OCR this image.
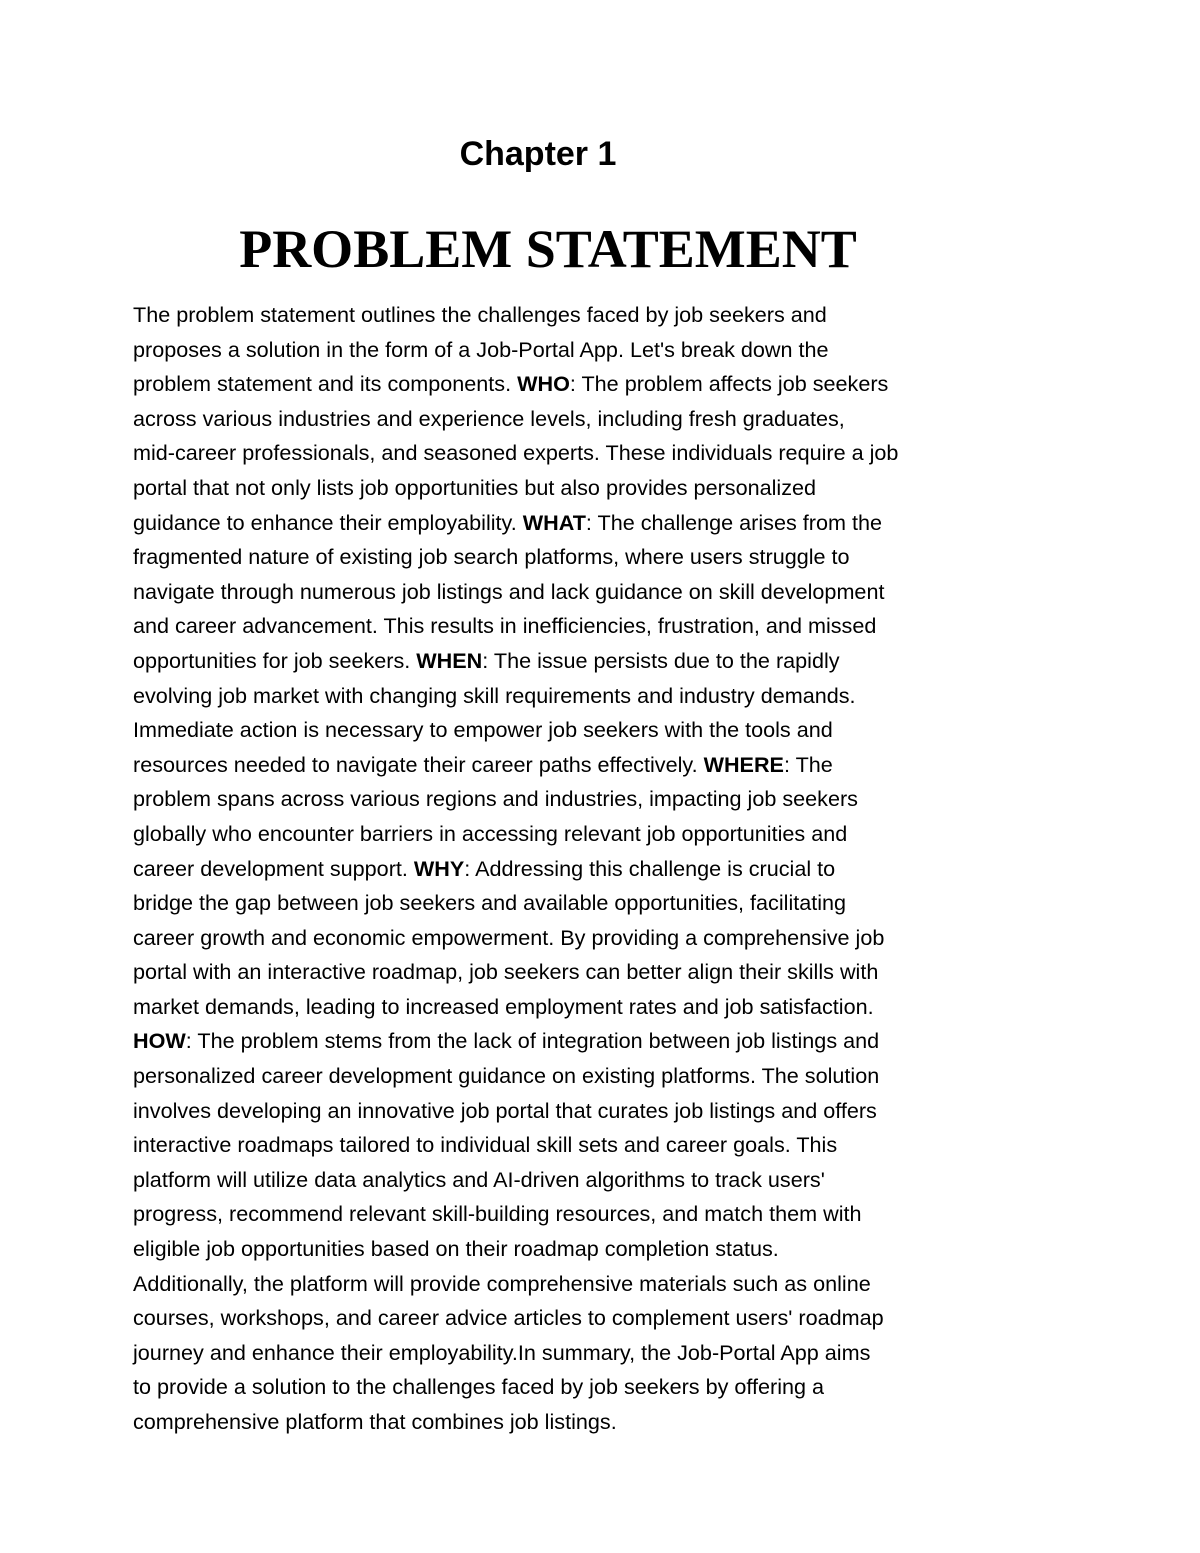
Chapter 1
PROBLEM STATEMENT
The problem statement outlines the challenges faced by job seekers and
proposes a solution in the form of a Job-Portal App. Let's break down the
problem statement and its components. WHO: The problem affects job seekers
across various industries and experience levels, including fresh graduates,
mid-career professionals, and seasoned experts. These individuals require a job
portal that not only lists job opportunities but also provides personalized
guidance to enhance their employability. WHAT: The challenge arises from the
fragmented nature of existing job search platforms, where users struggle to
navigate through numerous job listings and lack guidance on skill development
and career advancement. This results in inefficiencies, frustration, and missed
opportunities for job seekers. WHEN: The issue persists due to the rapidly
evolving job market with changing skill requirements and industry demands.
Immediate action is necessary to empower job seekers with the tools and
resources needed to navigate their career paths effectively. WHERE: The
problem spans across various regions and industries, impacting job seekers
globally who encounter barriers in accessing relevant job opportunities and
career development support. WHY: Addressing this challenge is crucial to
bridge the gap between job seekers and available opportunities, facilitating
career growth and economic empowerment. By providing a comprehensive job
portal with an interactive roadmap, job seekers can better align their skills with
market demands, leading to increased employment rates and job satisfaction.
HOW: The problem stems from the lack of integration between job listings and
personalized career development guidance on existing platforms. The solution
involves developing an innovative job portal that curates job listings and offers
interactive roadmaps tailored to individual skill sets and career goals. This
platform will utilize data analytics and AI-driven algorithms to track users'
progress, recommend relevant skill-building resources, and match them with
eligible job opportunities based on their roadmap completion status.
Additionally, the platform will provide comprehensive materials such as online
courses, workshops, and career advice articles to complement users' roadmap
journey and enhance their employability.In summary, the Job-Portal App aims
to provide a solution to the challenges faced by job seekers by offering a
comprehensive platform that combines job listings.
